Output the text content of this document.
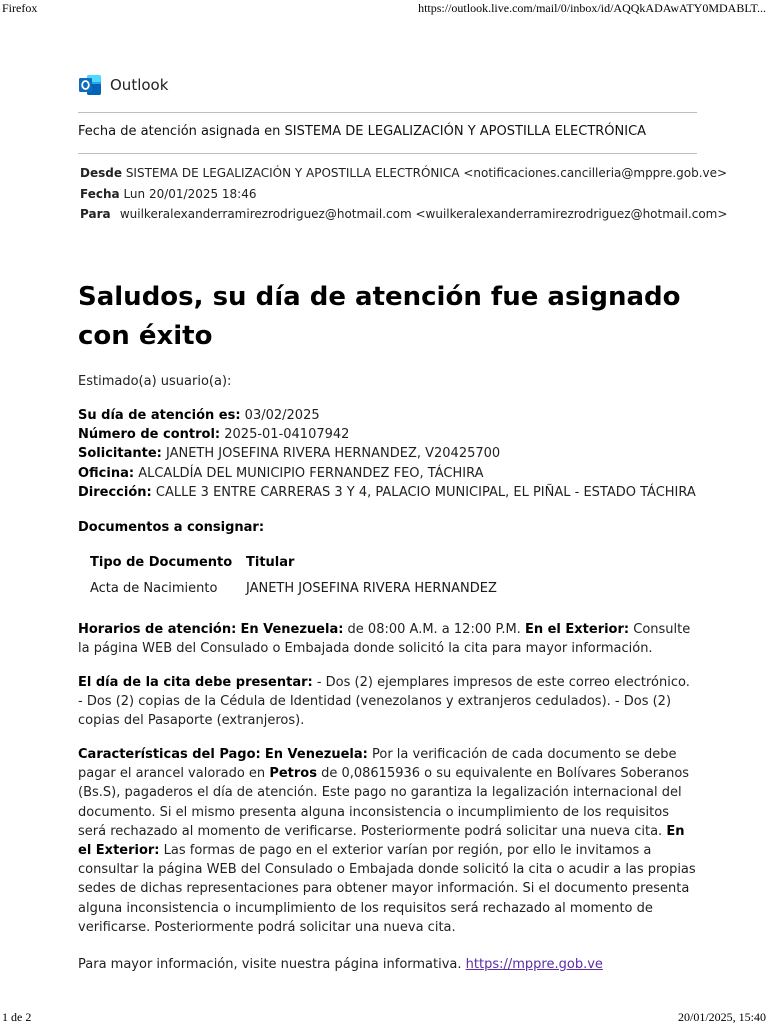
Firefox	https://outlook.live.com/mail/0/inbox/id/AQQkADAwATY0MDABLT...
Outlook
Fecha de atención asignada en SISTEMA DE LEGALIZACIÓN Y APOSTILLA ELECTRÓNICA
Desde SISTEMA DE LEGALIZACIÓN Y APOSTILLA ELECTRÓNICA <notificaciones.cancilleria@mppre.gob.ve>
Fecha Lun 20/01/2025 18:46
Para wuilkeralexanderramirezrodriguez@hotmail.com <wuilkeralexanderramirezrodriguez@hotmail.com>
Saludos, su día de atención fue asignado con éxito
Estimado(a) usuario(a):
Su día de atención es: 03/02/2025
Número de control: 2025-01-04107942
Solicitante: JANETH JOSEFINA RIVERA HERNANDEZ, V20425700
Oficina: ALCALDÍA DEL MUNICIPIO FERNANDEZ FEO, TÁCHIRA
Dirección: CALLE 3 ENTRE CARRERAS 3 Y 4, PALACIO MUNICIPAL, EL PIÑAL - ESTADO TÁCHIRA
Documentos a consignar:
Tipo de Documento Titular
Acta de Nacimiento JANETH JOSEFINA RIVERA HERNANDEZ
Horarios de atención: En Venezuela: de 08:00 A.M. a 12:00 P.M. En el Exterior: Consulte la página WEB del Consulado o Embajada donde solicitó la cita para mayor información.
El día de la cita debe presentar: - Dos (2) ejemplares impresos de este correo electrónico. - Dos (2) copias de la Cédula de Identidad (venezolanos y extranjeros cedulados). - Dos (2) copias del Pasaporte (extranjeros).
Características del Pago: En Venezuela: Por la verificación de cada documento se debe pagar el arancel valorado en Petros de 0,08615936 o su equivalente en Bolívares Soberanos (Bs.S), pagaderos el día de atención. Este pago no garantiza la legalización internacional del documento. Si el mismo presenta alguna inconsistencia o incumplimiento de los requisitos será rechazado al momento de verificarse. Posteriormente podrá solicitar una nueva cita. En el Exterior: Las formas de pago en el exterior varían por región, por ello le invitamos a consultar la página WEB del Consulado o Embajada donde solicitó la cita o acudir a las propias sedes de dichas representaciones para obtener mayor información. Si el documento presenta alguna inconsistencia o incumplimiento de los requisitos será rechazado al momento de verificarse. Posteriormente podrá solicitar una nueva cita.
Para mayor información, visite nuestra página informativa. https://mppre.gob.ve
1 de 2	20/01/2025, 15:40
